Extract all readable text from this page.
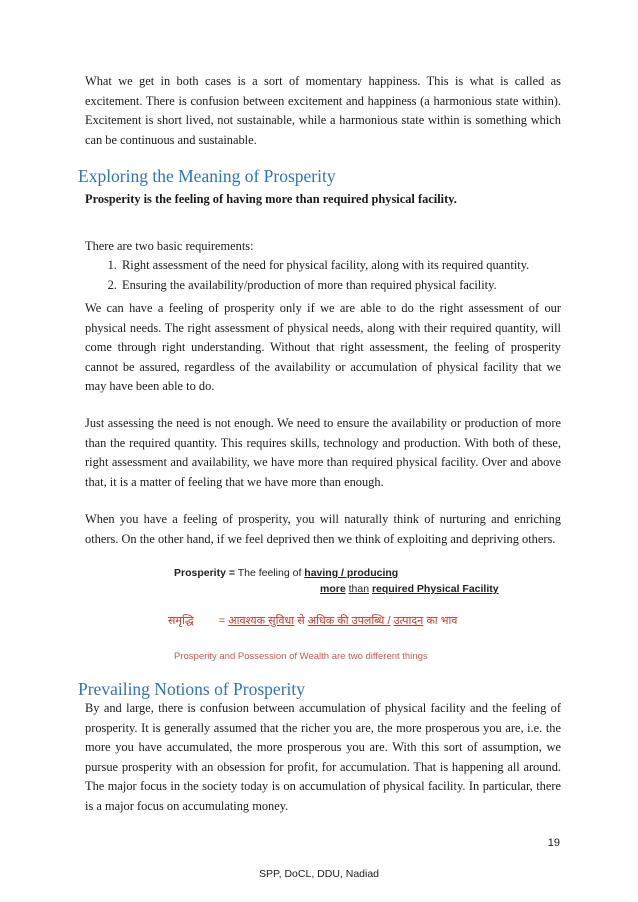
What we get in both cases is a sort of momentary happiness. This is what is called as excitement. There is confusion between excitement and happiness (a harmonious state within). Excitement is short lived, not sustainable, while a harmonious state within is something which can be continuous and sustainable.

Exploring the Meaning of Prosperity
Prosperity is the feeling of having more than required physical facility.
There are two basic requirements:
1. Right assessment of the need for physical facility, along with its required quantity.
2. Ensuring the availability/production of more than required physical facility.

We can have a feeling of prosperity only if we are able to do the right assessment of our physical needs. The right assessment of physical needs, along with their required quantity, will come through right understanding. Without that right assessment, the feeling of prosperity cannot be assured, regardless of the availability or accumulation of physical facility that we may have been able to do.

Just assessing the need is not enough. We need to ensure the availability or production of more than the required quantity. This requires skills, technology and production. With both of these, right assessment and availability, we have more than required physical facility. Over and above that, it is a matter of feeling that we have more than enough.

When you have a feeling of prosperity, you will naturally think of nurturing and enriching others. On the other hand, if we feel deprived then we think of exploiting and depriving others.

Prosperity = The feeling of having / producing
more than required Physical Facility
समृद्धि = आवश्यक सुविधा से अधिक की उपलब्धि / उत्पादन का भाव
Prosperity and Possession of Wealth are two different things
Prevailing Notions of Prosperity

By and large, there is confusion between accumulation of physical facility and the feeling of prosperity. It is generally assumed that the richer you are, the more prosperous you are, i.e. the more you have accumulated, the more prosperous you are. With this sort of assumption, we pursue prosperity with an obsession for profit, for accumulation. That is happening all around. The major focus in the society today is on accumulation of physical facility. In particular, there is a major focus on accumulating money.

19
SPP, DoCL, DDU, Nadiad
